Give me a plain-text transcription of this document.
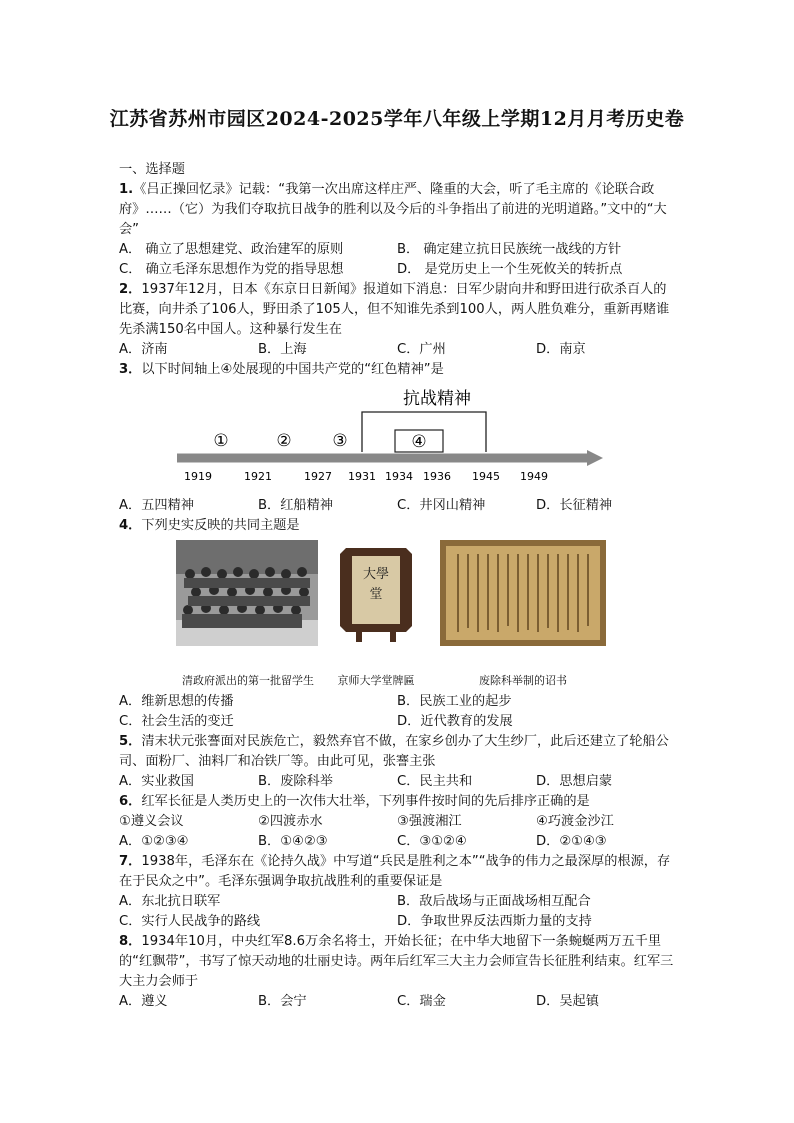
江苏省苏州市园区2024-2025学年八年级上学期12月月考历史卷
一、选择题
1.《吕正操回忆录》记载：“我第一次出席这样庄严、隆重的大会，听了毛主席的《论联合政府》……（它）为我们夺取抗日战争的胜利以及今后的斗争指出了前进的光明道路。”文中的“大会”
A． 确立了思想建党、政治建军的原则	B． 确定建立抗日民族统一战线的方针
C． 确立毛泽东思想作为党的指导思想	D． 是党历史上一个生死攸关的转折点
2．1937年12月，日本《东京日日新闻》报道如下消息：日军少尉向井和野田进行砍杀百人的比赛，向井杀了106人，野田杀了105人，但不知谁先杀到100人，两人胜负难分，重新再赌谁先杀满150名中国人。这种暴行发生在
A．济南	B．上海	C．广州	D．南京
3．以下时间轴上④处展现的中国共产党的“红色精神”是
抗战精神
①	② ③	④
1919	1921	1927 1931 1934 1936 1945 1949
A．五四精神	B．红船精神	C．井冈山精神	D．长征精神
4．下列史实反映的共同主题是
大學
堂
清政府派出的第一批留学生	京师大学堂牌匾	废除科举制的诏书
A．维新思想的传播	B．民族工业的起步
C．社会生活的变迁	D．近代教育的发展
5．清末状元张謇面对民族危亡，毅然弃官不做，在家乡创办了大生纱厂，此后还建立了轮船公司、面粉厂、油料厂和冶铁厂等。由此可见，张謇主张
A．实业救国	B．废除科举	C．民主共和	D．思想启蒙
6．红军长征是人类历史上的一次伟大壮举，下列事件按时间的先后排序正确的是
①遵义会议	②四渡赤水	③强渡湘江	④巧渡金沙江
A．①②③④	B．①④②③	C．③①②④	D．②①④③
7．1938年，毛泽东在《论持久战》中写道“兵民是胜利之本”“战争的伟力之最深厚的根源，存在于民众之中”。毛泽东强调争取抗战胜利的重要保证是
A．东北抗日联军	B．敌后战场与正面战场相互配合
C．实行人民战争的路线	D．争取世界反法西斯力量的支持
8．1934年10月，中央红军8.6万余名将士，开始长征；在中华大地留下一条蜿蜒两万五千里的“红飘带”，书写了惊天动地的壮丽史诗。两年后红军三大主力会师宣告长征胜利结束。红军三大主力会师于
A．遵义	B．会宁	C．瑞金	D．吴起镇
